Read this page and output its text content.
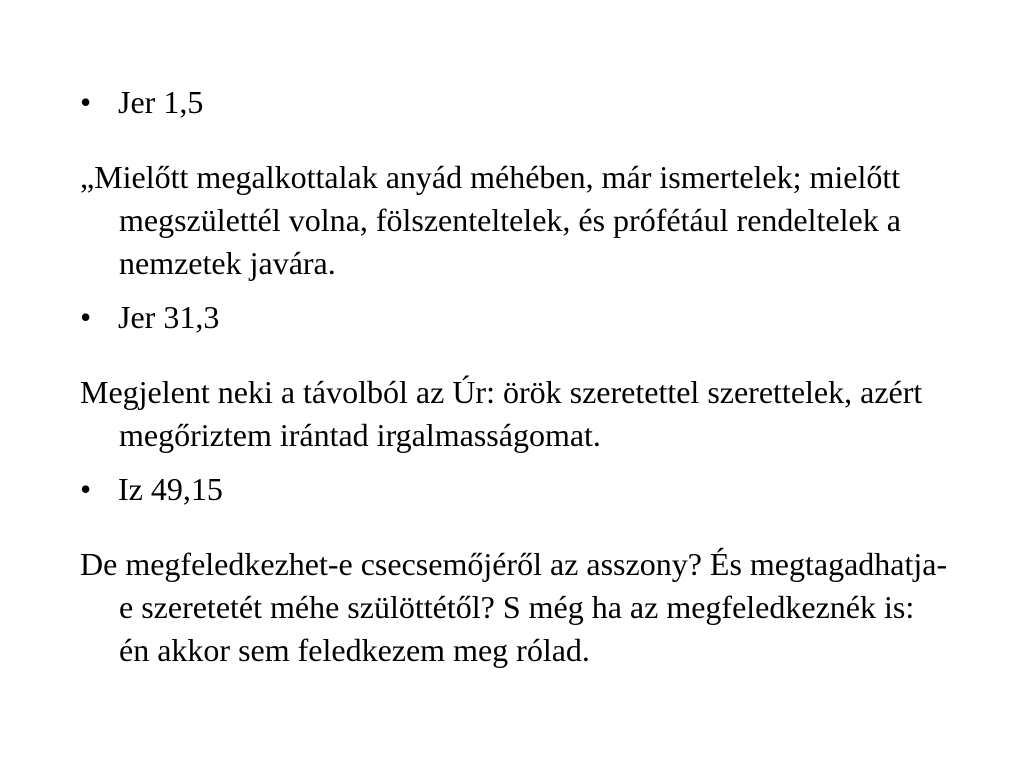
• Jer 1,5

„Mielőtt megalkottalak anyád méhében, már ismertelek; mielőtt megszülettél volna, fölszenteltelek, és prófétául rendeltelek a nemzetek javára.

• Jer 31,3

Megjelent neki a távolból az Úr: örök szeretettel szerettelek, azért megőriztem irántad irgalmasságomat.

• Iz 49,15

De megfeledkezhet-e csecsemőjéről az asszony? És megtagadhatja-e szeretetét méhe szülöttétől? S még ha az megfeledkeznék is: én akkor sem feledkezem meg rólad.
